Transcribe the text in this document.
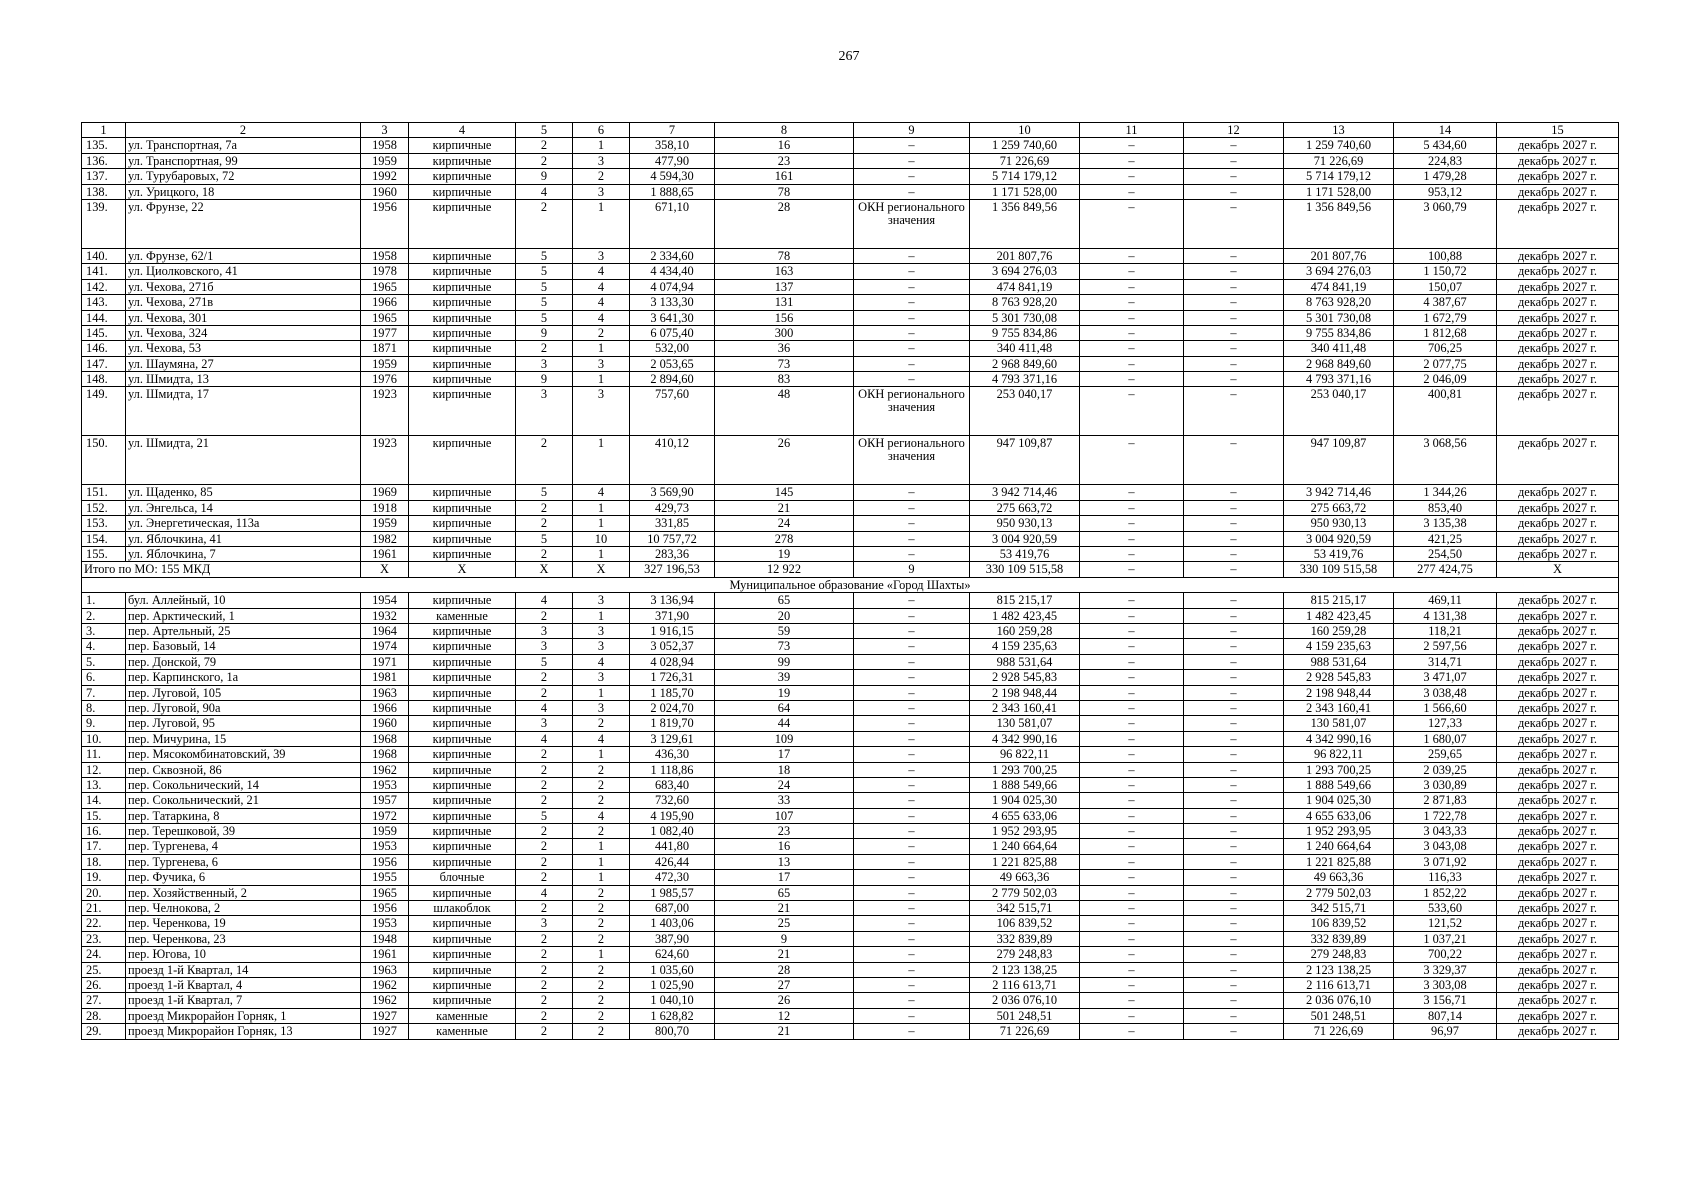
267
1	2	3	4	5	6	7	8	9	10	11	12	13	14	15
135.	ул. Транспортная, 7а	1958	кирпичные	2	1	358,10	16	–	1 259 740,60	–	–	1 259 740,60	5 434,60	декабрь 2027 г.
136.	ул. Транспортная, 99	1959	кирпичные	2	3	477,90	23	–	71 226,69	–	–	71 226,69	224,83	декабрь 2027 г.
137.	ул. Турубаровых, 72	1992	кирпичные	9	2	4 594,30	161	–	5 714 179,12	–	–	5 714 179,12	1 479,28	декабрь 2027 г.
138.	ул. Урицкого, 18	1960	кирпичные	4	3	1 888,65	78	–	1 171 528,00	–	–	1 171 528,00	953,12	декабрь 2027 г.
139.	ул. Фрунзе, 22	1956	кирпичные	2	1	671,10	28	ОКН регионального значения	1 356 849,56	–	–	1 356 849,56	3 060,79	декабрь 2027 г.
140.	ул. Фрунзе, 62/1	1958	кирпичные	5	3	2 334,60	78	–	201 807,76	–	–	201 807,76	100,88	декабрь 2027 г.
141.	ул. Циолковского, 41	1978	кирпичные	5	4	4 434,40	163	–	3 694 276,03	–	–	3 694 276,03	1 150,72	декабрь 2027 г.
142.	ул. Чехова, 271б	1965	кирпичные	5	4	4 074,94	137	–	474 841,19	–	–	474 841,19	150,07	декабрь 2027 г.
143.	ул. Чехова, 271в	1966	кирпичные	5	4	3 133,30	131	–	8 763 928,20	–	–	8 763 928,20	4 387,67	декабрь 2027 г.
144.	ул. Чехова, 301	1965	кирпичные	5	4	3 641,30	156	–	5 301 730,08	–	–	5 301 730,08	1 672,79	декабрь 2027 г.
145.	ул. Чехова, 324	1977	кирпичные	9	2	6 075,40	300	–	9 755 834,86	–	–	9 755 834,86	1 812,68	декабрь 2027 г.
146.	ул. Чехова, 53	1871	кирпичные	2	1	532,00	36	–	340 411,48	–	–	340 411,48	706,25	декабрь 2027 г.
147.	ул. Шаумяна, 27	1959	кирпичные	3	3	2 053,65	73	–	2 968 849,60	–	–	2 968 849,60	2 077,75	декабрь 2027 г.
148.	ул. Шмидта, 13	1976	кирпичные	9	1	2 894,60	83	–	4 793 371,16	–	–	4 793 371,16	2 046,09	декабрь 2027 г.
149.	ул. Шмидта, 17	1923	кирпичные	3	3	757,60	48	ОКН регионального значения	253 040,17	–	–	253 040,17	400,81	декабрь 2027 г.
150.	ул. Шмидта, 21	1923	кирпичные	2	1	410,12	26	ОКН регионального значения	947 109,87	–	–	947 109,87	3 068,56	декабрь 2027 г.
151.	ул. Щаденко, 85	1969	кирпичные	5	4	3 569,90	145	–	3 942 714,46	–	–	3 942 714,46	1 344,26	декабрь 2027 г.
152.	ул. Энгельса, 14	1918	кирпичные	2	1	429,73	21	–	275 663,72	–	–	275 663,72	853,40	декабрь 2027 г.
153.	ул. Энергетическая, 113а	1959	кирпичные	2	1	331,85	24	–	950 930,13	–	–	950 930,13	3 135,38	декабрь 2027 г.
154.	ул. Яблочкина, 41	1982	кирпичные	5	10	10 757,72	278	–	3 004 920,59	–	–	3 004 920,59	421,25	декабрь 2027 г.
155.	ул. Яблочкина, 7	1961	кирпичные	2	1	283,36	19	–	53 419,76	–	–	53 419,76	254,50	декабрь 2027 г.
Итого по МО: 155 МКД		X	X	X	X	327 196,53	12 922	9	330 109 515,58	–	–	330 109 515,58	277 424,75	X
Муниципальное образование «Город Шахты»														
1.	бул. Аллейный, 10	1954	кирпичные	4	3	3 136,94	65	–	815 215,17	–	–	815 215,17	469,11	декабрь 2027 г.
2.	пер. Арктический, 1	1932	каменные	2	1	371,90	20	–	1 482 423,45	–	–	1 482 423,45	4 131,38	декабрь 2027 г.
3.	пер. Артельный, 25	1964	кирпичные	3	3	1 916,15	59	–	160 259,28	–	–	160 259,28	118,21	декабрь 2027 г.
4.	пер. Базовый, 14	1974	кирпичные	3	3	3 052,37	73	–	4 159 235,63	–	–	4 159 235,63	2 597,56	декабрь 2027 г.
5.	пер. Донской, 79	1971	кирпичные	5	4	4 028,94	99	–	988 531,64	–	–	988 531,64	314,71	декабрь 2027 г.
6.	пер. Карпинского, 1а	1981	кирпичные	2	3	1 726,31	39	–	2 928 545,83	–	–	2 928 545,83	3 471,07	декабрь 2027 г.
7.	пер. Луговой, 105	1963	кирпичные	2	1	1 185,70	19	–	2 198 948,44	–	–	2 198 948,44	3 038,48	декабрь 2027 г.
8.	пер. Луговой, 90а	1966	кирпичные	4	3	2 024,70	64	–	2 343 160,41	–	–	2 343 160,41	1 566,60	декабрь 2027 г.
9.	пер. Луговой, 95	1960	кирпичные	3	2	1 819,70	44	–	130 581,07	–	–	130 581,07	127,33	декабрь 2027 г.
10.	пер. Мичурина, 15	1968	кирпичные	4	4	3 129,61	109	–	4 342 990,16	–	–	4 342 990,16	1 680,07	декабрь 2027 г.
11.	пер. Мясокомбинатовский, 39	1968	кирпичные	2	1	436,30	17	–	96 822,11	–	–	96 822,11	259,65	декабрь 2027 г.
12.	пер. Сквозной, 86	1962	кирпичные	2	2	1 118,86	18	–	1 293 700,25	–	–	1 293 700,25	2 039,25	декабрь 2027 г.
13.	пер. Сокольнический, 14	1953	кирпичные	2	2	683,40	24	–	1 888 549,66	–	–	1 888 549,66	3 030,89	декабрь 2027 г.
14.	пер. Сокольнический, 21	1957	кирпичные	2	2	732,60	33	–	1 904 025,30	–	–	1 904 025,30	2 871,83	декабрь 2027 г.
15.	пер. Татаркина, 8	1972	кирпичные	5	4	4 195,90	107	–	4 655 633,06	–	–	4 655 633,06	1 722,78	декабрь 2027 г.
16.	пер. Терешковой, 39	1959	кирпичные	2	2	1 082,40	23	–	1 952 293,95	–	–	1 952 293,95	3 043,33	декабрь 2027 г.
17.	пер. Тургенева, 4	1953	кирпичные	2	1	441,80	16	–	1 240 664,64	–	–	1 240 664,64	3 043,08	декабрь 2027 г.
18.	пер. Тургенева, 6	1956	кирпичные	2	1	426,44	13	–	1 221 825,88	–	–	1 221 825,88	3 071,92	декабрь 2027 г.
19.	пер. Фучика, 6	1955	блочные	2	1	472,30	17	–	49 663,36	–	–	49 663,36	116,33	декабрь 2027 г.
20.	пер. Хозяйственный, 2	1965	кирпичные	4	2	1 985,57	65	–	2 779 502,03	–	–	2 779 502,03	1 852,22	декабрь 2027 г.
21.	пер. Челнокова, 2	1956	шлакоблок	2	2	687,00	21	–	342 515,71	–	–	342 515,71	533,60	декабрь 2027 г.
22.	пер. Черенкова, 19	1953	кирпичные	3	2	1 403,06	25	–	106 839,52	–	–	106 839,52	121,52	декабрь 2027 г.
23.	пер. Черенкова, 23	1948	кирпичные	2	2	387,90	9	–	332 839,89	–	–	332 839,89	1 037,21	декабрь 2027 г.
24.	пер. Югова, 10	1961	кирпичные	2	1	624,60	21	–	279 248,83	–	–	279 248,83	700,22	декабрь 2027 г.
25.	проезд 1-й Квартал, 14	1963	кирпичные	2	2	1 035,60	28	–	2 123 138,25	–	–	2 123 138,25	3 329,37	декабрь 2027 г.
26.	проезд 1-й Квартал, 4	1962	кирпичные	2	2	1 025,90	27	–	2 116 613,71	–	–	2 116 613,71	3 303,08	декабрь 2027 г.
27.	проезд 1-й Квартал, 7	1962	кирпичные	2	2	1 040,10	26	–	2 036 076,10	–	–	2 036 076,10	3 156,71	декабрь 2027 г.
28.	проезд Микрорайон Горняк, 1	1927	каменные	2	2	1 628,82	12	–	501 248,51	–	–	501 248,51	807,14	декабрь 2027 г.
29.	проезд Микрорайон Горняк, 13	1927	каменные	2	2	800,70	21	–	71 226,69	–	–	71 226,69	96,97	декабрь 2027 г.
